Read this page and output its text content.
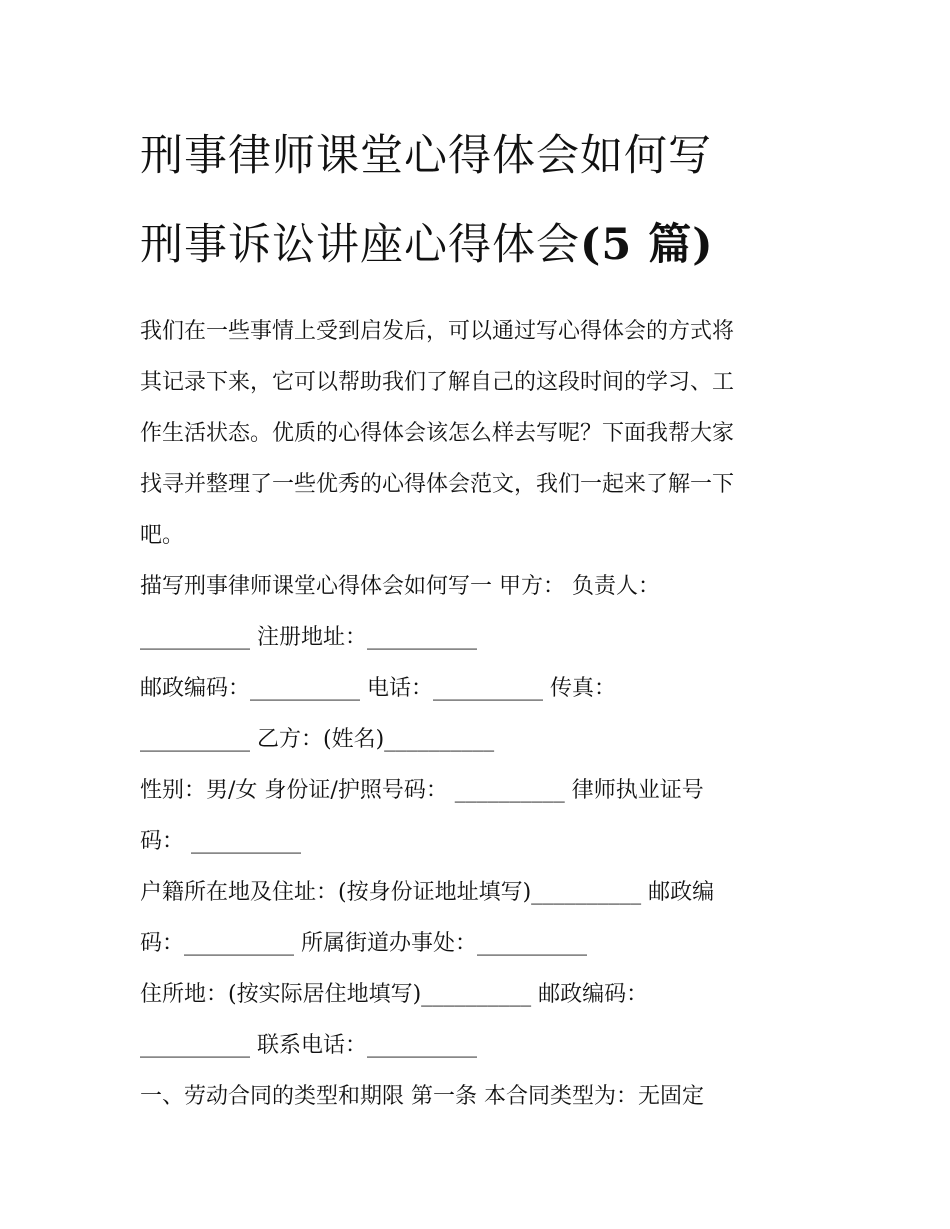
刑事律师课堂心得体会如何写
刑事诉讼讲座心得体会(5 篇)
我们在一些事情上受到启发后，可以通过写心得体会的方式将
其记录下来，它可以帮助我们了解自己的这段时间的学习、工
作生活状态。优质的心得体会该怎么样去写呢？下面我帮大家
找寻并整理了一些优秀的心得体会范文，我们一起来了解一下
吧。
描写刑事律师课堂心得体会如何写一 甲方： 负责人：
__________ 注册地址：__________
邮政编码：__________ 电话：__________ 传真：
__________ 乙方：(姓名)__________
性别：男/女 身份证/护照号码： __________ 律师执业证号
码： __________
户籍所在地及住址：(按身份证地址填写)__________ 邮政编
码：__________ 所属街道办事处：__________
住所地：(按实际居住地填写)__________ 邮政编码：
__________ 联系电话：__________
一、劳动合同的类型和期限 第一条 本合同类型为：无固定
